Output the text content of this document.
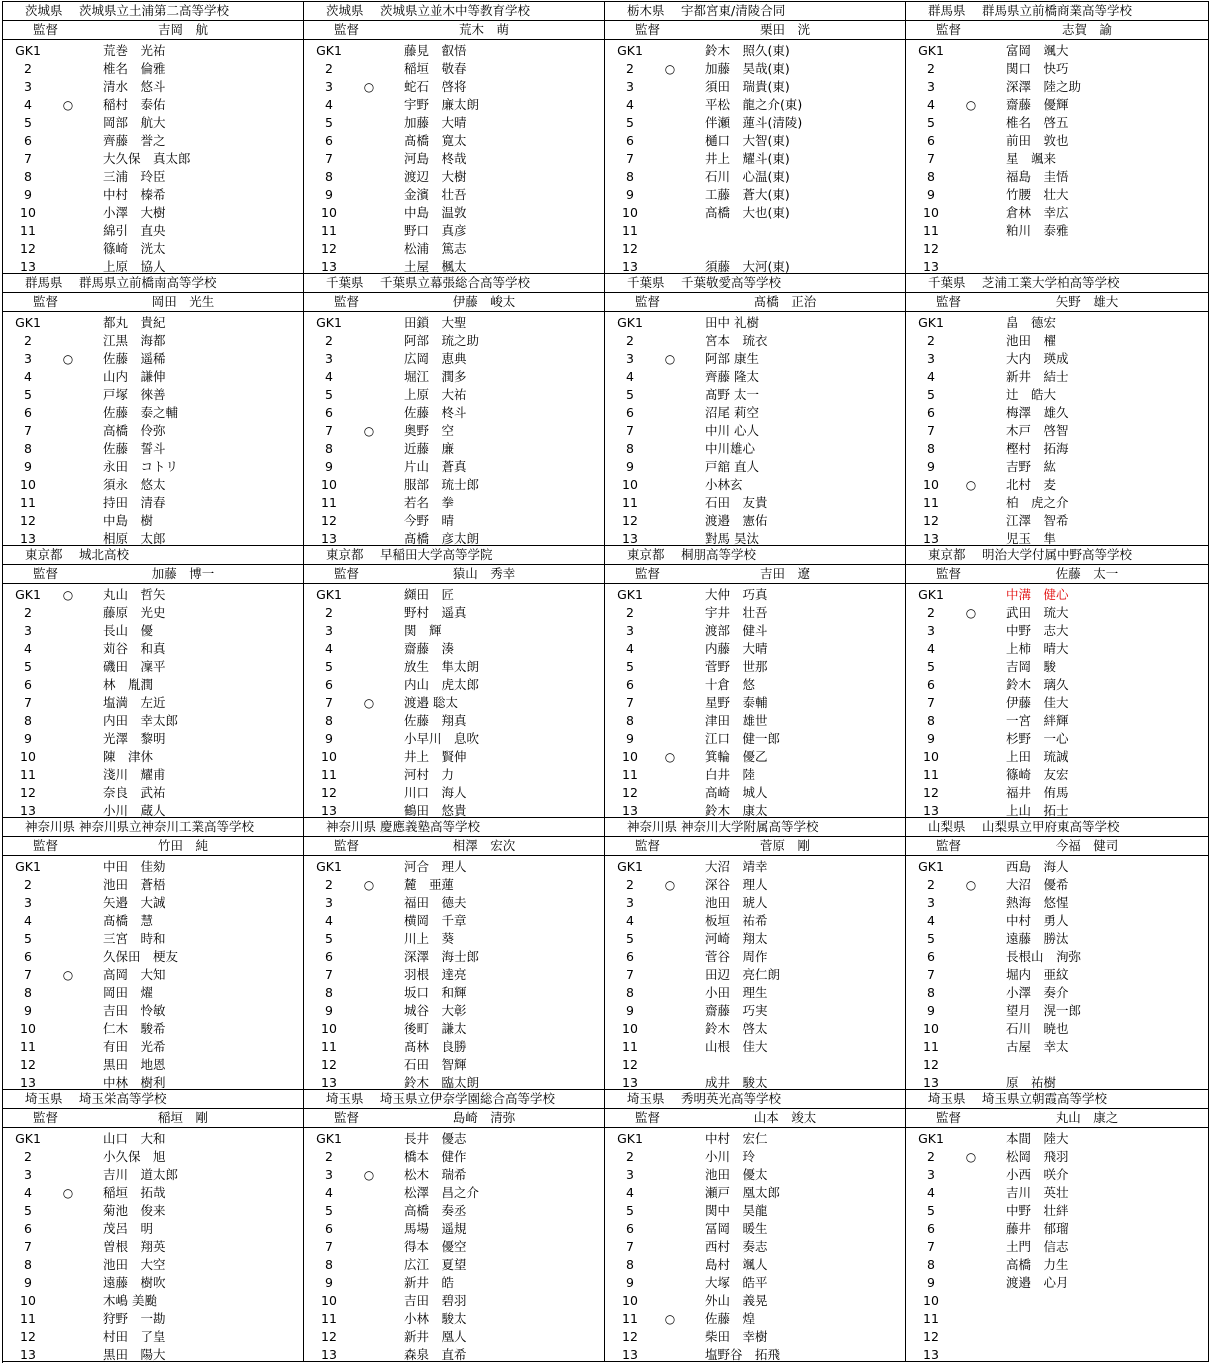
茨城県	茨城県立土浦第二高等学校
監督	吉岡　航
GK1	荒巻　光祐
2	椎名　倫雅
3	清水　悠斗
4	○	稲村　泰佑
5	岡部　航大
6	齊藤　誉之
7	大久保　真太郎
8	三浦　玲臣
9	中村　榛希
10	小澤　大樹
11	綿引　直央
12	篠崎　洸太
13	上原　協人
茨城県	茨城県立並木中等教育学校
監督	荒木　萌
GK1	藤見　叡悟
2	稲垣　敬春
3	○	蛇石　啓将
4	宇野　廉太朗
5	加藤　大晴
6	髙橋　寛太
7	河島　柊哉
8	渡辺　大樹
9	金濱　壮吾
10	中島　温敦
11	野口　真彦
12	松浦　篤志
13	土屋　楓太
栃木県	宇都宮東/清陵合同
監督	栗田　洸
GK1	鈴木　照久(東)
2	○	加藤　昊哉(東)
3	須田　瑞貴(東)
4	平松　龍之介(東)
5	伴瀬　蓮斗(清陵)
6	樋口　大智(東)
7	井上　耀斗(東)
8	石川　心温(東)
9	工藤　蒼大(東)
10	高橋　大也(東)
11
12
13	須藤　大河(東)
群馬県	群馬県立前橋商業高等学校
監督	志賀　諭
GK1	富岡　颯大
2	関口　快巧
3	深澤　陸之助
4	○	齋藤　優輝
5	椎名　啓五
6	前田　敦也
7	星　颯来
8	福島　圭悟
9	竹腰　壮大
10	倉林　幸広
11	粕川　泰雅
12
13
群馬県	群馬県立前橋南高等学校
監督	岡田　光生
GK1	都丸　貴紀
2	江黒　海都
3	○	佐藤　遥稀
4	山内　謙伸
5	戸塚　徠善
6	佐藤　泰之輔
7	高橋　伶弥
8	佐藤　誓斗
9	永田　コトリ
10	須永　悠太
11	持田　清春
12	中島　樹
13	相原　太郎
千葉県	千葉県立幕張総合高等学校
監督	伊藤　峻太
GK1	田鎖　大聖
2	阿部　琉之助
3	広岡　恵典
4	堀江　潤多
5	上原　大祐
6	佐藤　柊斗
7	○	奥野　空
8	近藤　廉
9	片山　蒼真
10	服部　琉士郎
11	若名　拳
12	今野　晴
13	髙橋　彦太朗
千葉県	千葉敬愛高等学校
監督	髙橋　正治
GK1	田中 礼樹
2	宮本　琉衣
3	○	阿部 康生
4	齊藤 隆太
5	髙野 太一
6	沼尾 莉空
7	中川 心人
8	中川雄心
9	戸舘 直人
10	小林玄
11	石田　友貴
12	渡邉　憲佑
13	對馬 昊汰
千葉県	芝浦工業大学柏高等学校
監督	矢野　雄大
GK1	畠　德宏
2	池田　櫂
3	大内　瑛成
4	新井　結士
5	辻　皓大
6	梅澤　雄久
7	木戸　啓智
8	樫村　拓海
9	吉野　紘
10	○	北村　麦
11	柏　虎之介
12	江澤　智希
13	児玉　隼
東京都	城北高校
監督	加藤　博一
GK1	○	丸山　哲矢
2	藤原　光史
3	長山　優
4	苅谷　和真
5	磯田　凜平
6	林　胤潤
7	塩満　左近
8	内田　幸太郎
9	光澤　黎明
10	陳　津休
11	淺川　耀甫
12	奈良　武祐
13	小川　蔵人
東京都	早稲田大学高等学院
監督	猿山　秀幸
GK1	纐田　匠
2	野村　遥真
3	関　輝
4	齋藤　湊
5	放生　隼太朗
6	内山　虎太郎
7	○	渡邉 聡太
8	佐藤　翔真
9	小早川　息吹
10	井上　賢伸
11	河村　力
12	川口　海人
13	鶴田　悠貴
東京都	桐朋高等学校
監督	吉田　遼
GK1	大仲　巧真
2	宇井　壮吾
3	渡部　健斗
4	内藤　大晴
5	菅野　世那
6	十倉　悠
7	星野　泰輔
8	津田　雄世
9	江口　健一郎
10	○	箕輪　優乙
11	白井　陸
12	高崎　城人
13	鈴木　康太
東京都	明治大学付属中野高等学校
監督	佐藤　太一
GK1	中溝　健心
2	○	武田　琉大
3	中野　志大
4	上柿　晴大
5	吉岡　駿
6	鈴木　璃久
7	伊藤　佳大
8	一宮　絆輝
9	杉野　一心
10	上田　琉誠
11	篠崎　友宏
12	福井　侑馬
13	上山　拓士
神奈川県 神奈川県立神奈川工業高等学校
監督	竹田　純
GK1	中田　佳劾
2	池田　蒼梧
3	矢邉　大誠
4	髙橋　慧
5	三宮　時和
6	久保田　梗友
7	○	高岡　大知
8	岡田　燿
9	吉田　怜敏
10	仁木　駿希
11	有田　光希
12	黒田　地恩
13	中林　樹利
神奈川県 慶應義塾高等学校
監督	相澤　宏次
GK1	河合　理人
2	○	麓　亜蓮
3	福田　德夫
4	横岡　千章
5	川上　葵
6	深澤　海士郎
7	羽根　達亮
8	坂口　和輝
9	城谷　大彰
10	後町　謙太
11	髙林　良勝
12	石田　智輝
13	鈴木　臨太朗
神奈川県 神奈川大学附属高等学校
監督	菅原　剛
GK1	大沼　靖幸
2	○	深谷　理人
3	池田　琥人
4	板垣　祐希
5	河崎　翔太
6	菅谷　周作
7	田辺　亮仁朗
8	小田　理生
9	齋藤　巧実
10	鈴木　啓太
11	山根　佳大
12
13	成井　駿太
山梨県	山梨県立甲府東高等学校
監督	今福　健司
GK1	西島　海人
2	○	大沼　優希
3	熱海　悠惺
4	中村　勇人
5	遠藤　勝汰
6	長根山　洵弥
7	堀内　亜紋
8	小澤　奏介
9	望月　滉一郎
10	石川　暁也
11	古屋　幸太
12
13	原　祐樹
埼玉県	埼玉栄高等学校
監督	稲垣　剛
GK1	山口　大和
2	小久保　旭
3	吉川　道太郎
4	○	稲垣　拓哉
5	菊池　俊来
6	茂呂　明
7	曽根　翔英
8	池田　大空
9	遠藤　樹吹
10	木嶋 美颱
11	狩野　一勘
12	村田　了皇
13	黒田　陽大
埼玉県	埼玉県立伊奈学園総合高等学校
監督	島崎　清弥
GK1	長井　優志
2	橋本　健作
3	○	松木　瑞希
4	松澤　昌之介
5	高橋　奏丞
6	馬場　遥規
7	得本　優空
8	広江　夏望
9	新井　皓
10	吉田　碧羽
11	小林　駿太
12	新井　凰人
13	森泉　直希
埼玉県	秀明英光高等学校
監督	山本　竣太
GK1	中村　宏仁
2	小川　玲
3	池田　優太
4	瀬戸　凰太郎
5	関中　昊龍
6	冨岡　暖生
7	西村　奏志
8	島村　颯人
9	大塚　皓平
10	外山　義晃
11	○	佐藤　煌
12	柴田　幸樹
13	塩野谷　拓飛
埼玉県	埼玉県立朝霞高等学校
監督	丸山　康之
GK1	本間　陸大
2	○	松岡　飛羽
3	小西　咲介
4	吉川　英壮
5	中野　壮絆
6	藤井　郁瑠
7	土門　信志
8	高橋　力生
9	渡邉　心月
10
11
12
13
